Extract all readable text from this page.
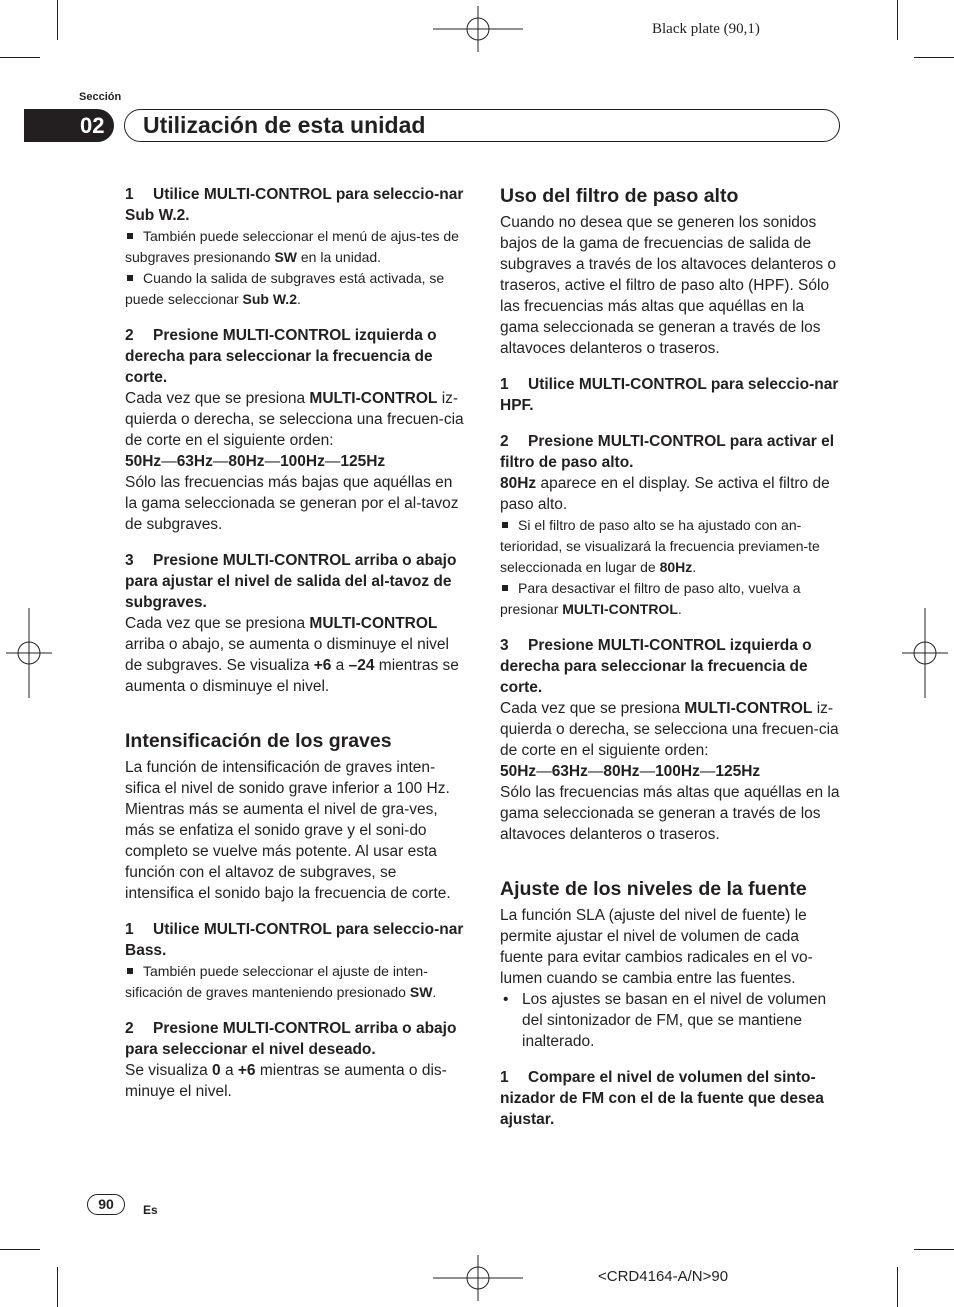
Black plate (90,1)
Sección
02	Utilización de esta unidad

1 Utilice MULTI-CONTROL para seleccio-nar Sub W.2.

También puede seleccionar el menú de ajus-tes de subgraves presionando SW en la unidad.

Cuando la salida de subgraves está activada, se puede seleccionar Sub W.2.

2 Presione MULTI-CONTROL izquierda o derecha para seleccionar la frecuencia de corte.

Cada vez que se presiona MULTI-CONTROL iz-quierda o derecha, se selecciona una frecuen-cia de corte en el siguiente orden:

50Hz—63Hz—80Hz—100Hz—125Hz

Sólo las frecuencias más bajas que aquéllas en la gama seleccionada se generan por el al-tavoz de subgraves.

3 Presione MULTI-CONTROL arriba o abajo para ajustar el nivel de salida del al-tavoz de subgraves.

Cada vez que se presiona MULTI-CONTROL arriba o abajo, se aumenta o disminuye el nivel de subgraves. Se visualiza +6 a –24 mientras se aumenta o disminuye el nivel.

Intensificación de los graves

La función de intensificación de graves inten-sifica el nivel de sonido grave inferior a 100 Hz. Mientras más se aumenta el nivel de gra-ves, más se enfatiza el sonido grave y el soni-do completo se vuelve más potente. Al usar esta función con el altavoz de subgraves, se intensifica el sonido bajo la frecuencia de corte.

1 Utilice MULTI-CONTROL para seleccio-nar Bass.

También puede seleccionar el ajuste de inten-sificación de graves manteniendo presionado SW.

2 Presione MULTI-CONTROL arriba o abajo para seleccionar el nivel deseado.

Se visualiza 0 a +6 mientras se aumenta o dis-minuye el nivel.

Uso del filtro de paso alto

Cuando no desea que se generen los sonidos bajos de la gama de frecuencias de salida de subgraves a través de los altavoces delanteros o traseros, active el filtro de paso alto (HPF). Sólo las frecuencias más altas que aquéllas en la gama seleccionada se generan a través de los altavoces delanteros o traseros.

1 Utilice MULTI-CONTROL para seleccio-nar HPF.

2 Presione MULTI-CONTROL para activar el filtro de paso alto.

80Hz aparece en el display. Se activa el filtro de paso alto.

Si el filtro de paso alto se ha ajustado con an-terioridad, se visualizará la frecuencia previamen-te seleccionada en lugar de 80Hz.

Para desactivar el filtro de paso alto, vuelva a presionar MULTI-CONTROL.

3 Presione MULTI-CONTROL izquierda o derecha para seleccionar la frecuencia de corte.

Cada vez que se presiona MULTI-CONTROL iz-quierda o derecha, se selecciona una frecuen-cia de corte en el siguiente orden:

50Hz—63Hz—80Hz—100Hz—125Hz

Sólo las frecuencias más altas que aquéllas en la gama seleccionada se generan a través de los altavoces delanteros o traseros.

Ajuste de los niveles de la fuente

La función SLA (ajuste del nivel de fuente) le permite ajustar el nivel de volumen de cada fuente para evitar cambios radicales en el vo-lumen cuando se cambia entre las fuentes.

• Los ajustes se basan en el nivel de volumen del sintonizador de FM, que se mantiene inalterado.

1 Compare el nivel de volumen del sinto-nizador de FM con el de la fuente que desea ajustar.

90	Es
<CRD4164-A/N>90
